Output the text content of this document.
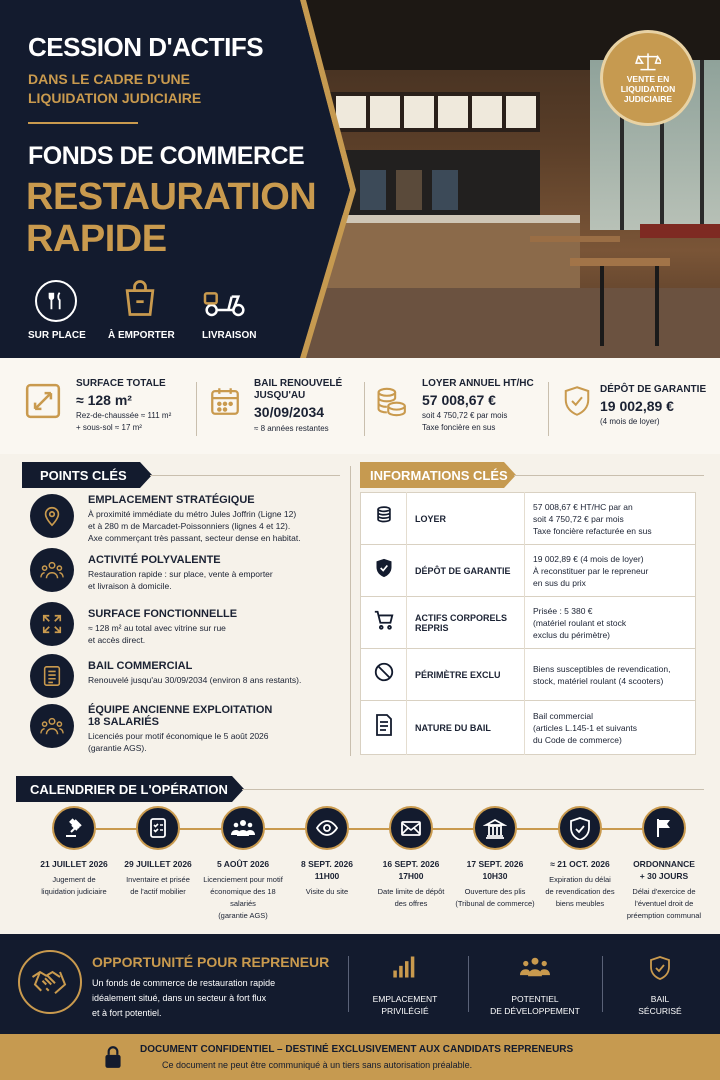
CESSION D'ACTIFS
DANS LE CADRE D'UNE
LIQUIDATION JUDICIAIRE
FONDS DE COMMERCE
RESTAURATION
RAPIDE
SUR PLACE À EMPORTER	LIVRAISON
VENTE EN
LIQUIDATION
JUDICIAIRE
SURFACE TOTALE
≈ 128 m²
Rez-de-chaussée ≈ 111 m²
+ sous-sol ≈ 17 m²
BAIL RENOUVELÉ JUSQU'AU
30/09/2034
≈ 8 années restantes
LOYER ANNUEL HT/HC
57 008,67 €
soit 4 750,72 € par mois
Taxe foncière en sus
DÉPÔT DE GARANTIE
19 002,89 €
(4 mois de loyer)
POINTS CLÉS
EMPLACEMENT STRATÉGIQUE
À proximité immédiate du métro Jules Joffrin (Ligne 12)
et à 280 m de Marcadet-Poissonniers (lignes 4 et 12).
Axe commerçant très passant, secteur dense en habitat.
ACTIVITÉ POLYVALENTE
Restauration rapide : sur place, vente à emporter
et livraison à domicile.
SURFACE FONCTIONNELLE
≈ 128 m² au total avec vitrine sur rue
et accès direct.
BAIL COMMERCIAL
Renouvelé jusqu'au 30/09/2034 (environ 8 ans restants).
ÉQUIPE ANCIENNE EXPLOITATION
18 SALARIÉS
Licenciés pour motif économique le 5 août 2026
(garantie AGS).
INFORMATIONS CLÉS
	LOYER	57 008,67 € HT/HC par an
soit 4 750,72 € par mois
Taxe foncière refacturée en sus

	DÉPÔT DE GARANTIE	19 002,89 € (4 mois de loyer)
À reconstituer par le repreneur
en sus du prix

	ACTIFS CORPORELS REPRIS	Prisée : 5 380 €
(matériel roulant et stock
exclus du périmètre)

	PÉRIMÈTRE EXCLU	Biens susceptibles de revendication,
stock, matériel roulant (4 scooters)

	NATURE DU BAIL	Bail commercial
(articles L.145-1 et suivants
du Code de commerce)
CALENDRIER DE L'OPÉRATION
21 JUILLET 2026
Jugement de
liquidation judiciaire
29 JUILLET 2026
Inventaire et prisée
de l'actif mobilier
5 AOÛT 2026
Licenciement pour motif
économique des 18 salariés
(garantie AGS)
8 SEPT. 2026
11H00
Visite du site
16 SEPT. 2026
17H00
Date limite de dépôt
des offres
17 SEPT. 2026
10H30
Ouverture des plis
(Tribunal de commerce)
≈ 21 OCT. 2026
Expiration du délai
de revendication des
biens meubles
ORDONNANCE
+ 30 JOURS
Délai d'exercice de
l'éventuel droit de
préemption communal
OPPORTUNITÉ POUR REPRENEUR
Un fonds de commerce de restauration rapide
idéalement situé, dans un secteur à fort flux
et à fort potentiel.
EMPLACEMENT
PRIVILÉGIÉ
POTENTIEL
DE DÉVELOPPEMENT
BAIL
SÉCURISÉ
DOCUMENT CONFIDENTIEL – DESTINÉ EXCLUSIVEMENT AUX CANDIDATS REPRENEURS
Ce document ne peut être communiqué à un tiers sans autorisation préalable.
